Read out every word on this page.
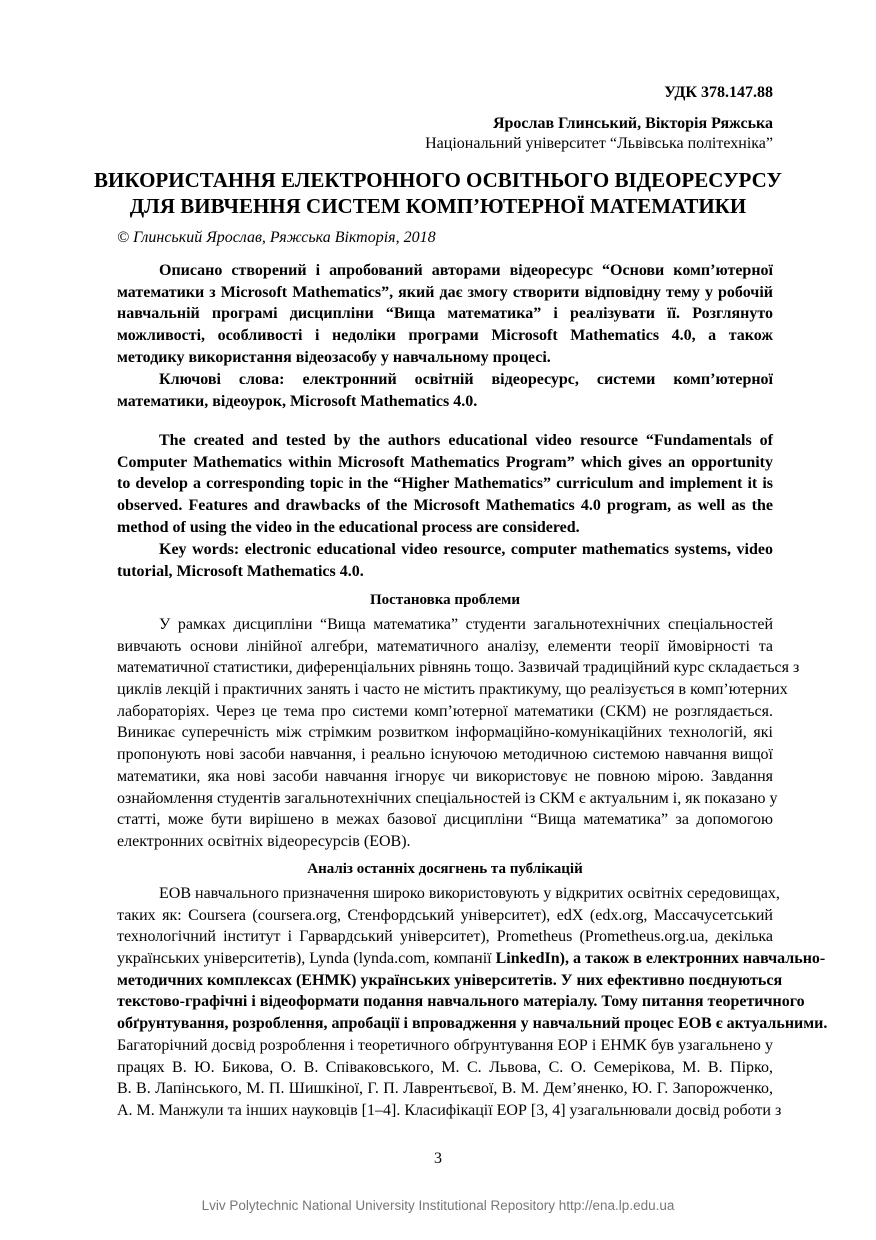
УДК 378.147.88
Ярослав Глинський, Вікторія Ряжська
Національний університет “Львівська політехніка”
ВИКОРИСТАННЯ ЕЛЕКТРОННОГО ОСВІТНЬОГО ВІДЕОРЕСУРСУ
ДЛЯ ВИВЧЕННЯ СИСТЕМ КОМП’ЮТЕРНОЇ МАТЕМАТИКИ
© Глинський Ярослав, Ряжська Вікторія, 2018
Описано створений і апробований авторами відеоресурс “Основи комп’ютерної
математики з Microsoft Mathematics”, який дає змогу створити відповідну тему у робочій
навчальній програмі дисципліни “Вища математика” і реалізувати її. Розглянуто
можливості, особливості і недоліки програми Microsoft Mathematics 4.0, а також
методику використання відеозасобу у навчальному процесі.
Ключові слова: електронний освітній відеоресурс, системи комп’ютерної
математики, відеоурок, Microsoft Mathematics 4.0.
The created and tested by the authors educational video resource “Fundamentals of
Computer Mathematics within Microsoft Mathematics Program” which gives an opportunity
to develop a corresponding topic in the “Higher Mathematics” curriculum and implement it is
observed. Features and drawbacks of the Microsoft Mathematics 4.0 program, as well as the
method of using the video in the educational process are considered.
Key words: electronic educational video resource, computer mathematics systems, video
tutorial, Microsoft Mathematics 4.0.
Постановка проблеми
У рамках дисципліни “Вища математика” студенти загальнотехнічних спеціальностей
вивчають основи лінійної алгебри, математичного аналізу, елементи теорії ймовірності та
математичної статистики, диференціальних рівнянь тощо. Зазвичай традиційний курс складається з
циклів лекцій і практичних занять і часто не містить практикуму, що реалізується в комп’ютерних
лабораторіях. Через це тема про системи комп’ютерної математики (СКМ) не розглядається.
Виникає суперечність між стрімким розвитком інформаційно-комунікаційних технологій, які
пропонують нові засоби навчання, і реально існуючою методичною системою навчання вищої
математики, яка нові засоби навчання ігнорує чи використовує не повною мірою. Завдання
ознайомлення студентів загальнотехнічних спеціальностей із СКМ є актуальним і, як показано у
статті, може бути вирішено в межах базової дисципліни “Вища математика” за допомогою
електронних освітніх відеоресурсів (ЕОВ).
Аналіз останніх досягнень та публікацій
ЕОВ навчального призначення широко використовують у відкритих освітніх середовищах,
таких як: Coursera (coursera.org, Стенфордський університет), edX (edx.org, Массачусетський
технологічний інститут і Гарвардський університет), Prometheus (Prometheus.org.ua, декілька
українських університетів), Lynda (lynda.com, компанії LinkedIn), а також в електронних навчально-
методичних комплексах (ЕНМК) українських університетів. У них ефективно поєднуються
текстово-графічні і відеоформати подання навчального матеріалу. Тому питання теоретичного
обґрунтування, розроблення, апробації і впровадження у навчальний процес ЕОВ є актуальними.
Багаторічний досвід розроблення і теоретичного обґрунтування ЕОР і ЕНМК був узагальнено у
працях В. Ю. Бикова, О. В. Співаковського, М. С. Львова, С. О. Семерікова, М. В. Пірко,
В. В. Лапінського, М. П. Шишкіної, Г. П. Лаврентьєвої, В. М. Дем’яненко, Ю. Г. Запорожченко,
А. М. Манжули та інших науковців [1–4]. Класифікації ЕОР [3, 4] узагальнювали досвід роботи з
3
Lviv Polytechnic National University Institutional Repository http://ena.lp.edu.ua
